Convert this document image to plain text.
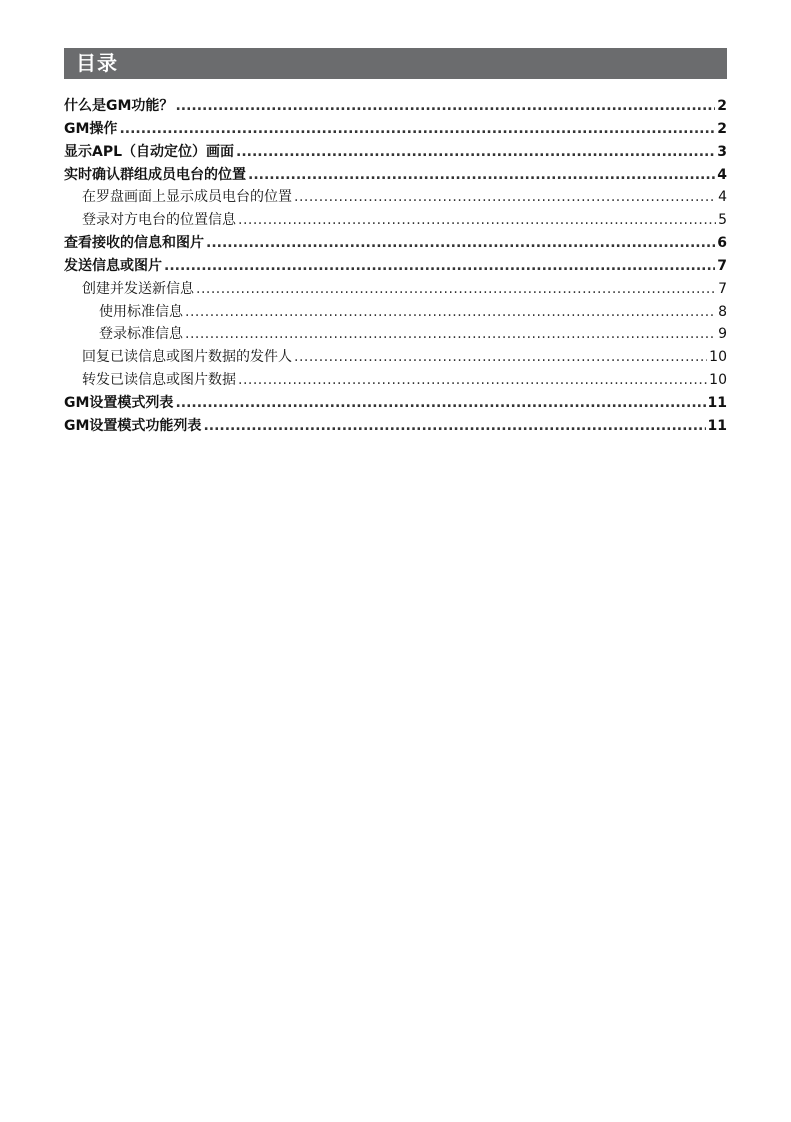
目录
什么是GM功能？ .....	2
GM操作 .....	2
显示APL（自动定位）画面 .....	3
实时确认群组成员电台的位置 .....	4
在罗盘画面上显示成员电台的位置 .....	4
登录对方电台的位置信息 .....	5
查看接收的信息和图片 .....	6
发送信息或图片 .....	7
创建并发送新信息 .....	7
使用标准信息 .....	8
登录标准信息 .....	9
回复已读信息或图片数据的发件人 .....	10
转发已读信息或图片数据 .....	10
GM设置模式列表 .....	11
GM设置模式功能列表 .....	11
